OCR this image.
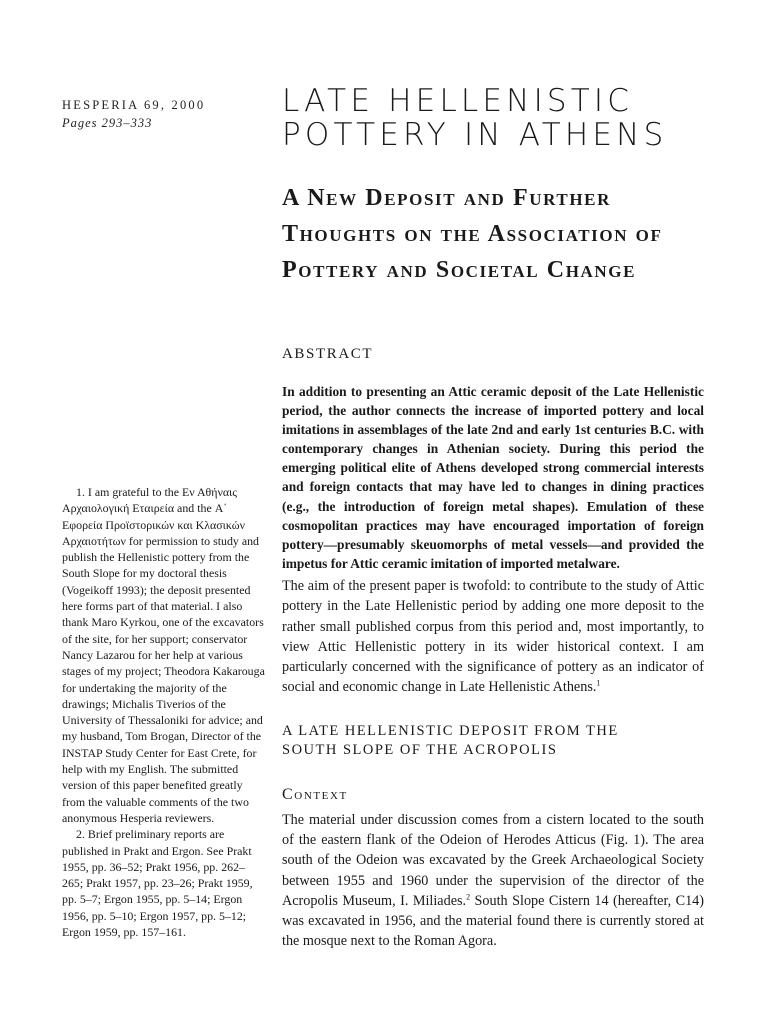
HESPERIA 69, 2000
Pages 293–333
LATE HELLENISTIC
POTTERY IN ATHENS
A New Deposit and Further
Thoughts on the Association of
Pottery and Societal Change
ABSTRACT
In addition to presenting an Attic ceramic deposit of the Late Hellenistic period, the author connects the increase of imported pottery and local imitations in assemblages of the late 2nd and early 1st centuries B.C. with contemporary changes in Athenian society. During this period the emerging political elite of Athens developed strong commercial interests and foreign contacts that may have led to changes in dining practices (e.g., the introduction of foreign metal shapes). Emulation of these cosmopolitan practices may have encouraged importation of foreign pottery—presumably skeuomorphs of metal vessels—and provided the impetus for Attic ceramic imitation of imported metalware.
The aim of the present paper is twofold: to contribute to the study of Attic pottery in the Late Hellenistic period by adding one more deposit to the rather small published corpus from this period and, most importantly, to view Attic Hellenistic pottery in its wider historical context. I am particularly concerned with the significance of pottery as an indicator of social and economic change in Late Hellenistic Athens.$^1$
A LATE HELLENISTIC DEPOSIT FROM THE
SOUTH SLOPE OF THE ACROPOLIS
Context
The material under discussion comes from a cistern located to the south of the eastern flank of the Odeion of Herodes Atticus (Fig. 1). The area south of the Odeion was excavated by the Greek Archaeological Society between 1955 and 1960 under the supervision of the director of the Acropolis Museum, I. Miliades.$^2$ South Slope Cistern 14 (hereafter, C14) was excavated in 1956, and the material found there is currently stored at the mosque next to the Roman Agora.

1. I am grateful to the Εν Αθήναις Αρχαιολογική Εταιρεία and the Α΄ Εφορεία Προϊστορικών και Κλασικών Αρχαιοτήτων for permission to study and publish the Hellenistic pottery from the South Slope for my doctoral thesis (Vogeikoff 1993); the deposit presented here forms part of that material. I also thank Maro Kyrkou, one of the excavators of the site, for her support; conservator Nancy Lazarou for her help at various stages of my project; Theodora Kakarouga for undertaking the majority of the drawings; Michalis Tiverios of the University of Thessaloniki for advice; and my husband, Tom Brogan, Director of the INSTAP Study Center for East Crete, for help with my English. The submitted version of this paper benefited greatly from the valuable comments of the two anonymous Hesperia reviewers.

2. Brief preliminary reports are published in Prakt and Ergon. See Prakt 1955, pp. 36–52; Prakt 1956, pp. 262–265; Prakt 1957, pp. 23–26; Prakt 1959, pp. 5–7; Ergon 1955, pp. 5–14; Ergon 1956, pp. 5–10; Ergon 1957, pp. 5–12; Ergon 1959, pp. 157–161.
